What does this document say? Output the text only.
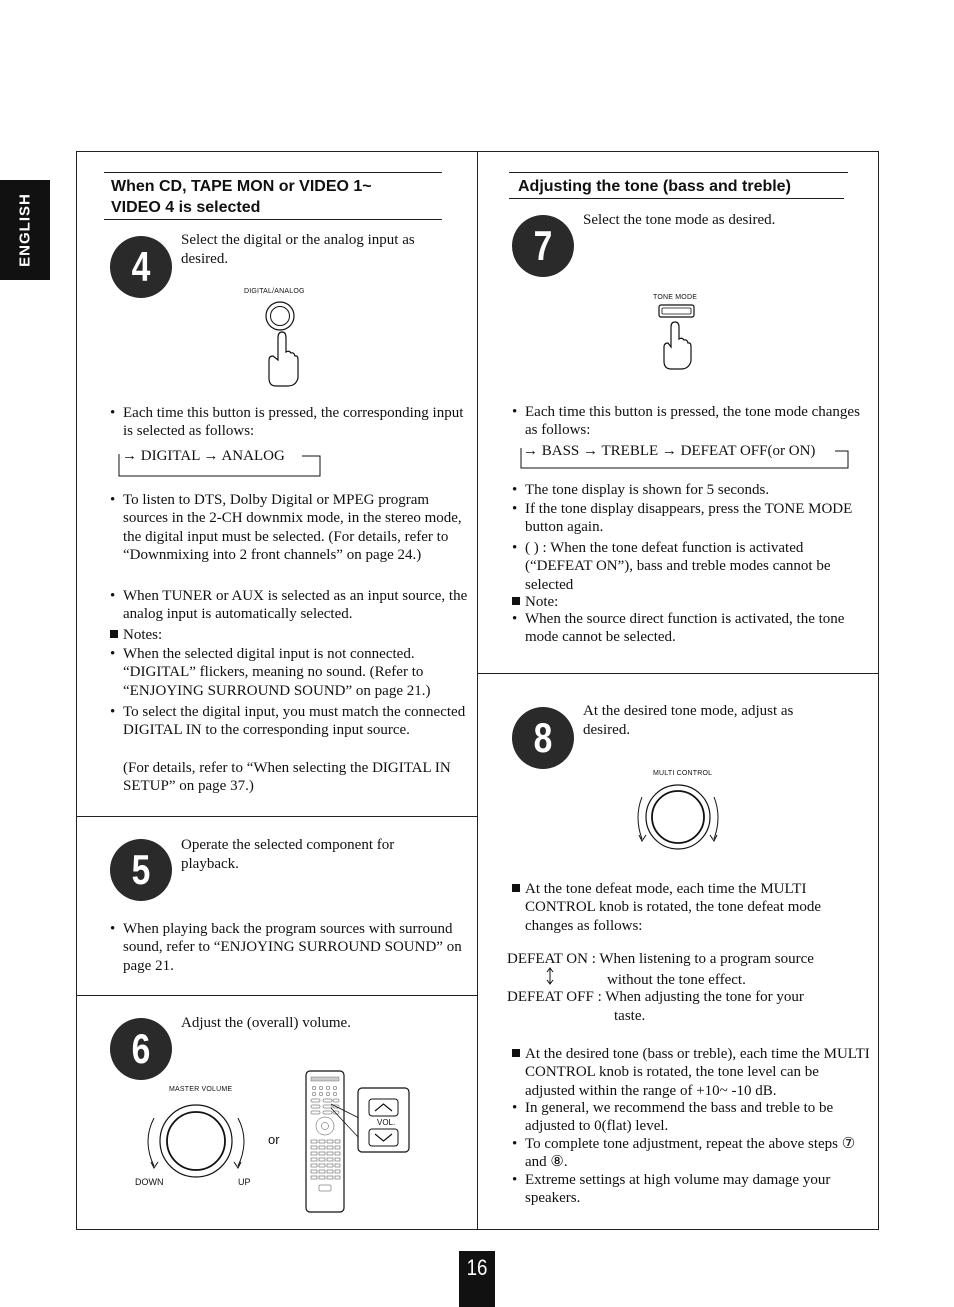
ENGLISH
When CD, TAPE MON or VIDEO 1~
VIDEO 4 is selected
4
Select the digital or the analog input as desired.
DIGITAL/ANALOG
• Each time this button is pressed, the corresponding input is selected as follows:
→ DIGITAL → ANALOG
• To listen to DTS, Dolby Digital or MPEG program sources in the 2-CH downmix mode, in the stereo mode, the digital input must be selected. (For details, refer to “Downmixing into 2 front channels” on page 24.)
• When TUNER or AUX is selected as an input source, the analog input is automatically selected.
Notes:
• When the selected digital input is not connected. “DIGITAL” flickers, meaning no sound. (Refer to “ENJOYING SURROUND SOUND” on page 21.)
• To select the digital input, you must match the connected DIGITAL IN to the corresponding input source.
(For details, refer to “When selecting the DIGITAL IN SETUP” on page 37.)
5
Operate the selected component for playback.
• When playing back the program sources with surround sound, refer to “ENJOYING SURROUND SOUND” on page 21.
6
Adjust the (overall) volume.
MASTER VOLUME
DOWN	UP
or
VOL.
Adjusting the tone (bass and treble)
7
Select the tone mode as desired.
TONE MODE
• Each time this button is pressed, the tone mode changes as follows:
→ BASS → TREBLE → DEFEAT OFF(or ON)
• The tone display is shown for 5 seconds.
• If the tone display disappears, press the TONE MODE button again.
• ( ) : When the tone defeat function is activated (“DEFEAT ON”), bass and treble modes cannot be selected
Note:
• When the source direct function is activated, the tone mode cannot be selected.
8
At the desired tone mode, adjust as desired.
MULTI CONTROL
At the tone defeat mode, each time the MULTI CONTROL knob is rotated, the tone defeat mode changes as follows:
DEFEAT ON : When listening to a program source
without the tone effect.
DEFEAT OFF : When adjusting the tone for your
taste.
At the desired tone (bass or treble), each time the MULTI CONTROL knob is rotated, the tone level can be adjusted within the range of +10~ -10 dB.
• In general, we recommend the bass and treble to be adjusted to 0(flat) level.
• To complete tone adjustment, repeat the above steps ⑦ and ⑧.
• Extreme settings at high volume may damage your speakers.
16
